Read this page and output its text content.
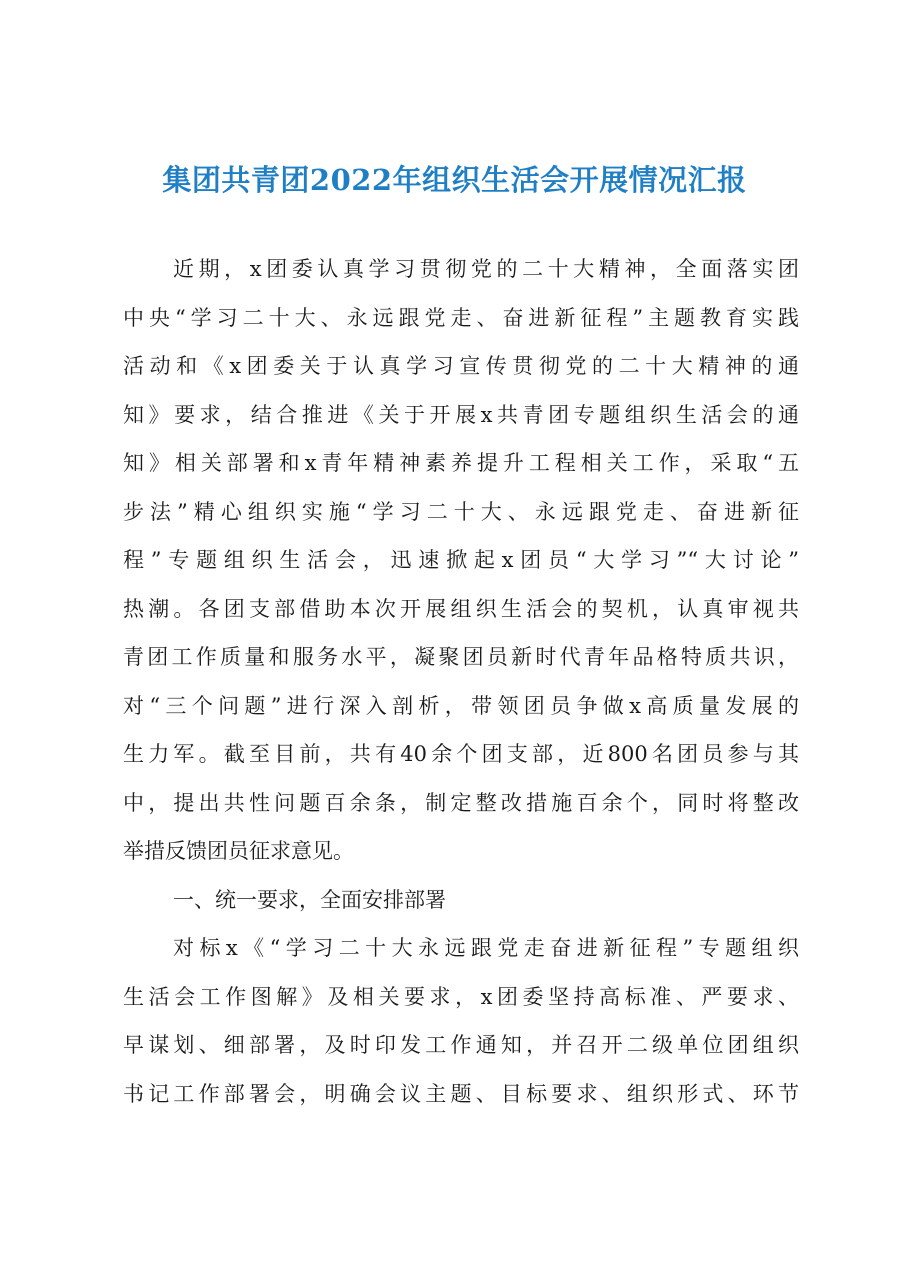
集团共青团2022年组织生活会开展情况汇报
近期，x团委认真学习贯彻党的二十大精神，全面落实团
中央“学习二十大、永远跟党走、奋进新征程”主题教育实践
活动和《x团委关于认真学习宣传贯彻党的二十大精神的通
知》要求，结合推进《关于开展x共青团专题组织生活会的通
知》相关部署和x青年精神素养提升工程相关工作，采取“五
步法”精心组织实施“学习二十大、永远跟党走、奋进新征
程”专题组织生活会，迅速掀起x团员“大学习”“大讨论”
热潮。各团支部借助本次开展组织生活会的契机，认真审视共
青团工作质量和服务水平，凝聚团员新时代青年品格特质共识，
对“三个问题”进行深入剖析，带领团员争做x高质量发展的
生力军。截至目前，共有40余个团支部，近800名团员参与其
中，提出共性问题百余条，制定整改措施百余个，同时将整改
举措反馈团员征求意见。
一、统一要求，全面安排部署
对标x《“学习二十大永远跟党走奋进新征程”专题组织
生活会工作图解》及相关要求，x团委坚持高标准、严要求、
早谋划、细部署，及时印发工作通知，并召开二级单位团组织
书记工作部署会，明确会议主题、目标要求、组织形式、环节
